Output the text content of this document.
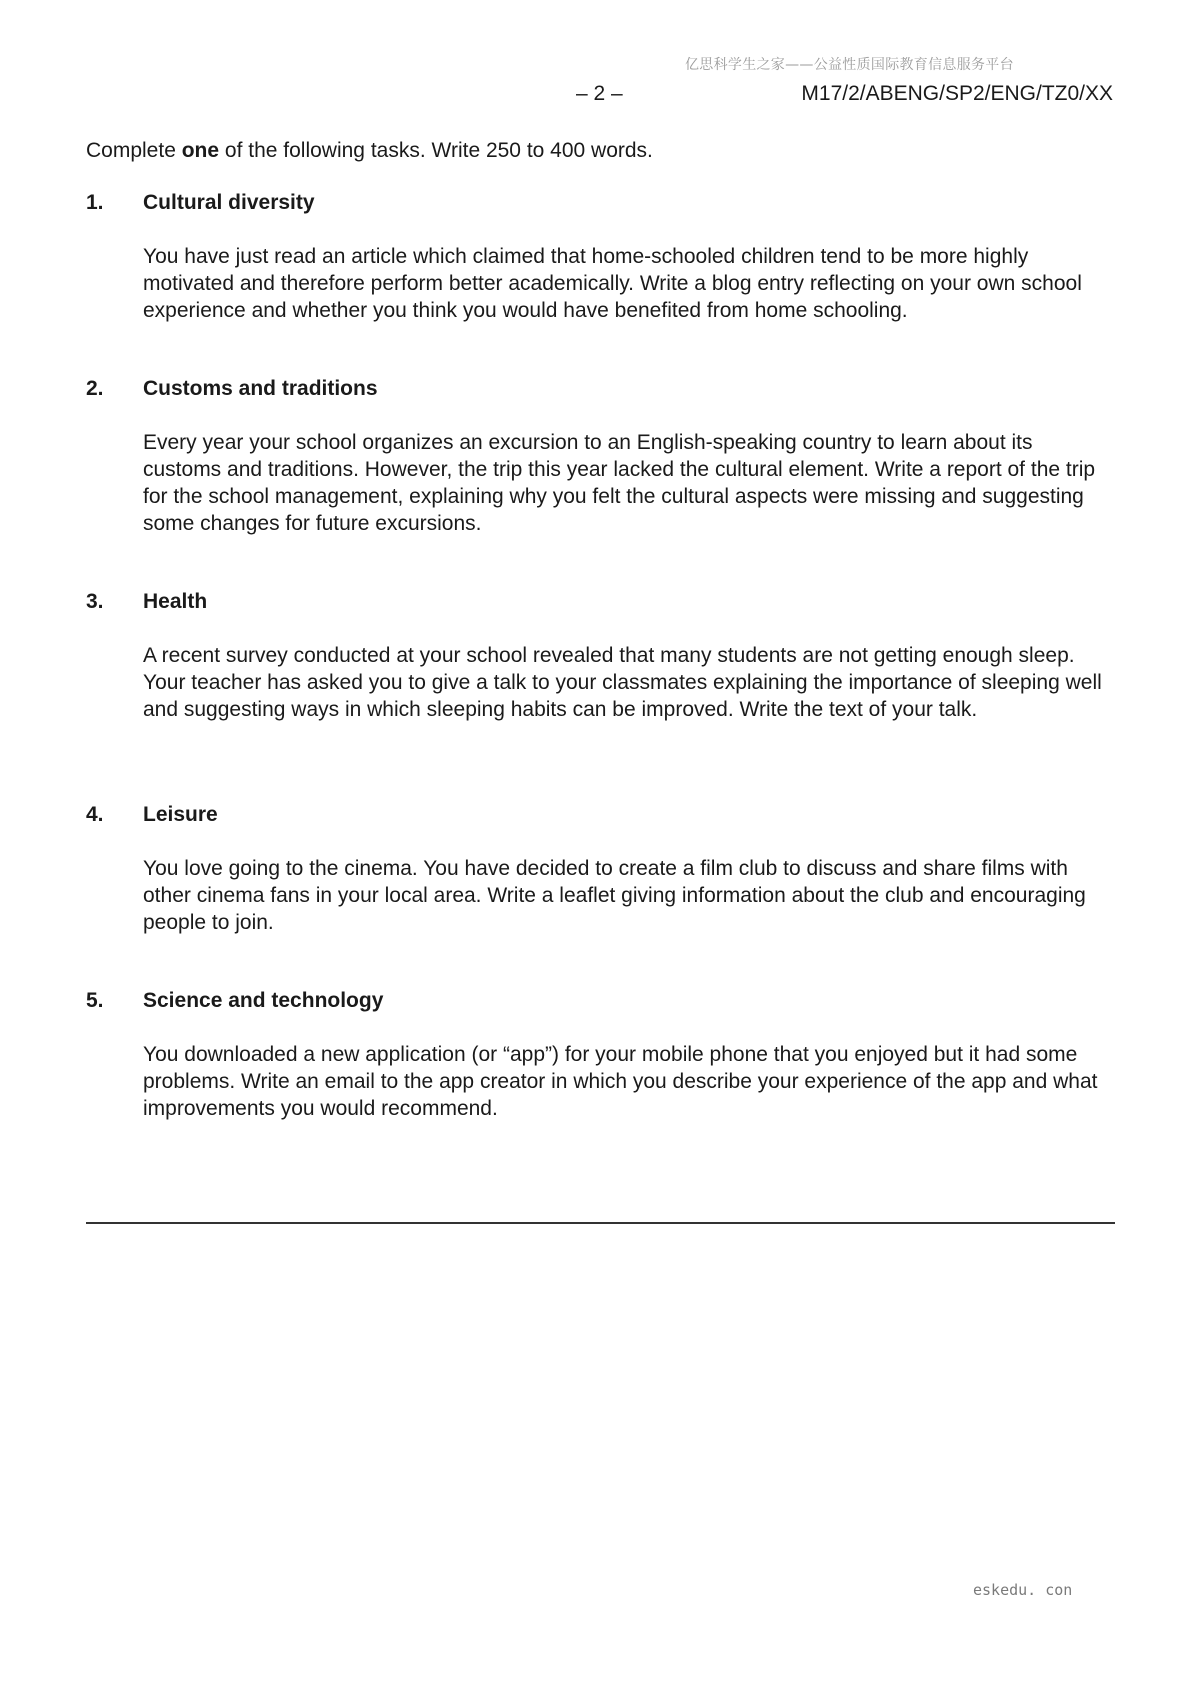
亿思科学生之家——公益性质国际教育信息服务平台
– 2 –	M17/2/ABENG/SP2/ENG/TZ0/XX
Complete one of the following tasks. Write 250 to 400 words.
1. Cultural diversity
You have just read an article which claimed that home-schooled children tend to be more highly motivated and therefore perform better academically. Write a blog entry reflecting on your own school experience and whether you think you would have benefited from home schooling.
2. Customs and traditions
Every year your school organizes an excursion to an English-speaking country to learn about its customs and traditions. However, the trip this year lacked the cultural element. Write a report of the trip for the school management, explaining why you felt the cultural aspects were missing and suggesting some changes for future excursions.
3. Health
A recent survey conducted at your school revealed that many students are not getting enough sleep. Your teacher has asked you to give a talk to your classmates explaining the importance of sleeping well and suggesting ways in which sleeping habits can be improved. Write the text of your talk.
4. Leisure
You love going to the cinema. You have decided to create a film club to discuss and share films with other cinema fans in your local area. Write a leaflet giving information about the club and encouraging people to join.
5. Science and technology
You downloaded a new application (or “app”) for your mobile phone that you enjoyed but it had some problems. Write an email to the app creator in which you describe your experience of the app and what improvements you would recommend.
eskedu. con
